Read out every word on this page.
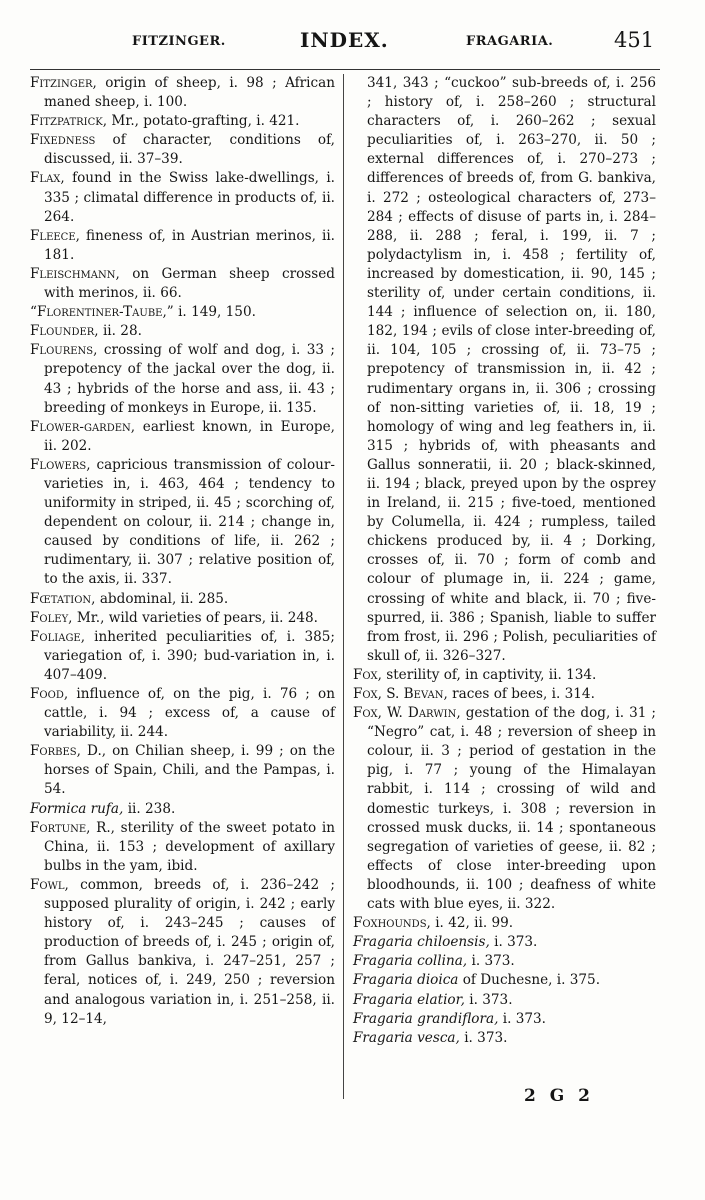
FITZINGER.	INDEX.	FRAGARIA.	451

Fitzinger, origin of sheep, i. 98 ; African maned sheep, i. 100.

Fitzpatrick, Mr., potato-grafting, i. 421.

Fixedness of character, conditions of, discussed, ii. 37–39.

Flax, found in the Swiss lake-dwellings, i. 335 ; climatal difference in products of, ii. 264.

Fleece, fineness of, in Austrian merinos, ii. 181.

Fleischmann, on German sheep crossed with merinos, ii. 66.

“Florentiner-Taube,” i. 149, 150.

Flounder, ii. 28.

Flourens, crossing of wolf and dog, i. 33 ; prepotency of the jackal over the dog, ii. 43 ; hybrids of the horse and ass, ii. 43 ; breeding of monkeys in Europe, ii. 135.

Flower-garden, earliest known, in Europe, ii. 202.

Flowers, capricious transmission of colour-varieties in, i. 463, 464 ; tendency to uniformity in striped, ii. 45 ; scorching of, dependent on colour, ii. 214 ; change in, caused by conditions of life, ii. 262 ; rudimentary, ii. 307 ; relative position of, to the axis, ii. 337.

Fœtation, abdominal, ii. 285.

Foley, Mr., wild varieties of pears, ii. 248.

Foliage, inherited peculiarities of, i. 385; variegation of, i. 390; bud-variation in, i. 407–409.

Food, influence of, on the pig, i. 76 ; on cattle, i. 94 ; excess of, a cause of variability, ii. 244.

Forbes, D., on Chilian sheep, i. 99 ; on the horses of Spain, Chili, and the Pampas, i. 54.

Formica rufa, ii. 238.

Fortune, R., sterility of the sweet potato in China, ii. 153 ; development of axillary bulbs in the yam, ibid.

Fowl, common, breeds of, i. 236–242 ; supposed plurality of origin, i. 242 ; early history of, i. 243–245 ; causes of production of breeds of, i. 245 ; origin of, from Gallus bankiva, i. 247–251, 257 ; feral, notices of, i. 249, 250 ; reversion and analogous variation in, i. 251–258, ii. 9, 12–14,

341, 343 ; “cuckoo” sub-breeds of, i. 256 ; history of, i. 258–260 ; structural characters of, i. 260–262 ; sexual peculiarities of, i. 263–270, ii. 50 ; external differences of, i. 270–273 ; differences of breeds of, from G. bankiva, i. 272 ; osteological characters of, 273–284 ; effects of disuse of parts in, i. 284–288, ii. 288 ; feral, i. 199, ii. 7 ; polydactylism in, i. 458 ; fertility of, increased by domestication, ii. 90, 145 ; sterility of, under certain conditions, ii. 144 ; influence of selection on, ii. 180, 182, 194 ; evils of close inter-breeding of, ii. 104, 105 ; crossing of, ii. 73–75 ; prepotency of transmission in, ii. 42 ; rudimentary organs in, ii. 306 ; crossing of non-sitting varieties of, ii. 18, 19 ; homology of wing and leg feathers in, ii. 315 ; hybrids of, with pheasants and Gallus sonneratii, ii. 20 ; black-skinned, ii. 194 ; black, preyed upon by the osprey in Ireland, ii. 215 ; five-toed, mentioned by Columella, ii. 424 ; rumpless, tailed chickens produced by, ii. 4 ; Dorking, crosses of, ii. 70 ; form of comb and colour of plumage in, ii. 224 ; game, crossing of white and black, ii. 70 ; five-spurred, ii. 386 ; Spanish, liable to suffer from frost, ii. 296 ; Polish, peculiarities of skull of, ii. 326–327.

Fox, sterility of, in captivity, ii. 134.

Fox, S. Bevan, races of bees, i. 314.

Fox, W. Darwin, gestation of the dog, i. 31 ; “Negro” cat, i. 48 ; reversion of sheep in colour, ii. 3 ; period of gestation in the pig, i. 77 ; young of the Himalayan rabbit, i. 114 ; crossing of wild and domestic turkeys, i. 308 ; reversion in crossed musk ducks, ii. 14 ; spontaneous segregation of varieties of geese, ii. 82 ; effects of close inter-breeding upon bloodhounds, ii. 100 ; deafness of white cats with blue eyes, ii. 322.

Foxhounds, i. 42, ii. 99.

Fragaria chiloensis, i. 373.

Fragaria collina, i. 373.

Fragaria dioica of Duchesne, i. 375.

Fragaria elatior, i. 373.

Fragaria grandiflora, i. 373.

Fragaria vesca, i. 373.

2 G 2
